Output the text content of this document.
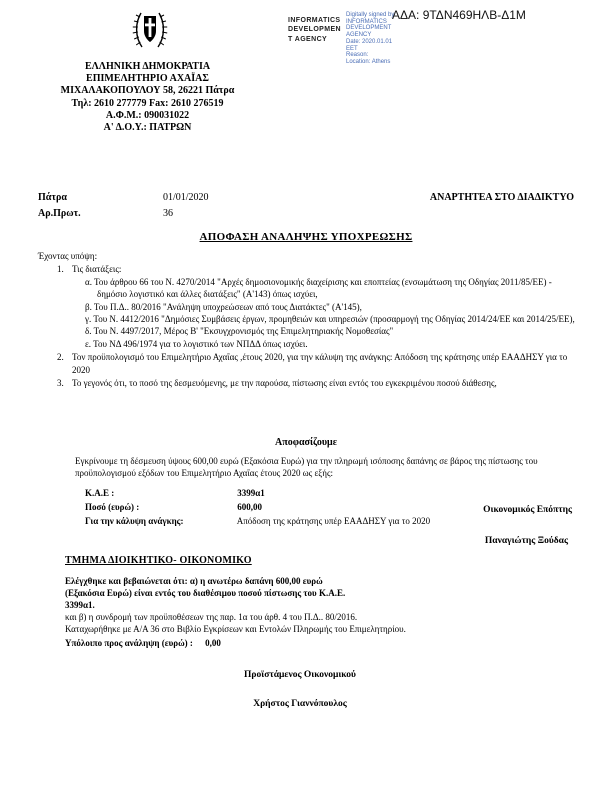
ΑΔΑ: 9ΤΔΝ469ΗΛΒ-Δ1Μ
INFORMATICS
DEVELOPMEN
T AGENCY
Digitally signed by
INFORMATICS
DEVELOPMENT AGENCY
Date: 2020.01.01
EET
Reason:
Location: Athens
ΕΛΛΗΝΙΚΗ ΔΗΜΟΚΡΑΤΙΑ
ΕΠΙΜΕΛΗΤΗΡΙΟ ΑΧΑΪΑΣ
ΜΙΧΑΛΑΚΟΠΟΥΛΟΥ 58, 26221 Πάτρα
Τηλ: 2610 277779 Fax: 2610 276519
Α.Φ.Μ.: 090031022
Α' Δ.Ο.Υ.: ΠΑΤΡΩΝ
Πάτρα	01/01/2020	ΑΝΑΡΤΗΤΕΑ ΣΤΟ ΔΙΑΔΙΚΤΥΟ
Αρ.Πρωτ.	36
ΑΠΟΦΑΣΗ ΑΝΑΛΗΨΗΣ ΥΠΟΧΡΕΩΣΗΣ
Έχοντας υπόψη:
1. Τις διατάξεις:
α. Του άρθρου 66 του Ν. 4270/2014 "Αρχές δημοσιονομικής διαχείρισης και εποπτείας (ενσωμάτωση της Οδηγίας 2011/85/ΕΕ) - δημόσιο λογιστικό και άλλες διατάξεις" (Α'143) όπως ισχύει,
β. Του Π.Δ.. 80/2016 "Ανάληψη υποχρεώσεων από τους Διατάκτες" (Α'145),
γ. Του Ν. 4412/2016 "Δημόσιες Συμβάσεις έργων, προμηθειών και υπηρεσιών (προσαρμογή της Οδηγίας 2014/24/ΕΕ και 2014/25/ΕΕ),
δ. Του Ν. 4497/2017, Μέρος Β' "Εκσυγχρονισμός της Επιμελητηριακής Νομοθεσίας"
ε. Του ΝΔ 496/1974 για το λογιστικό των ΝΠΔΔ όπως ισχύει.
2. Τον προϋπολογισμό του Επιμελητήριο Αχαΐας ,έτους 2020, για την κάλυψη της ανάγκης: Απόδοση της κράτησης υπέρ ΕΑΑΔΗΣΥ για το 2020
3. Το γεγονός ότι, το ποσό της δεσμευόμενης, με την παρούσα, πίστωσης είναι εντός του εγκεκριμένου ποσού διάθεσης,
Αποφασίζουμε
Εγκρίνουμε τη δέσμευση ύψους 600,00 ευρώ (Εξακόσια Ευρώ) για την πληρωμή ισόποσης δαπάνης σε βάρος της πίστωσης του προϋπολογισμού εξόδων του Επιμελητήριο Αχαΐας έτους 2020 ως εξής:
Κ.Α.Ε :	3399α1
Ποσό (ευρώ) :	600,00
Για την κάλυψη ανάγκης:	Απόδοση της κράτησης υπέρ ΕΑΑΔΗΣΥ για το 2020
Οικονομικός Επόπτης
Παναγιώτης Ξούδας
ΤΜΗΜΑ ΔΙΟΙΚΗΤΙΚΟ- ΟΙΚΟΝΟΜΙΚΟ
Ελέγχθηκε και βεβαιώνεται ότι: α) η ανωτέρω δαπάνη 600,00 ευρώ (Εξακόσια Ευρώ) είναι εντός του διαθέσιμου ποσού πίστωσης του Κ.Α.Ε. 3399α1.
και β) η συνδρομή των προϋποθέσεων της παρ. 1α του άρθ. 4 του Π.Δ.. 80/2016.
Καταχωρήθηκε με Α/Α 36 στο Βιβλίο Εγκρίσεων και Εντολών Πληρωμής του Επιμελητηρίου.
Υπόλοιπο προς ανάληψη (ευρώ) : 0,00
Προϊστάμενος Οικονομικού
Χρήστος Γιαννόπουλος
